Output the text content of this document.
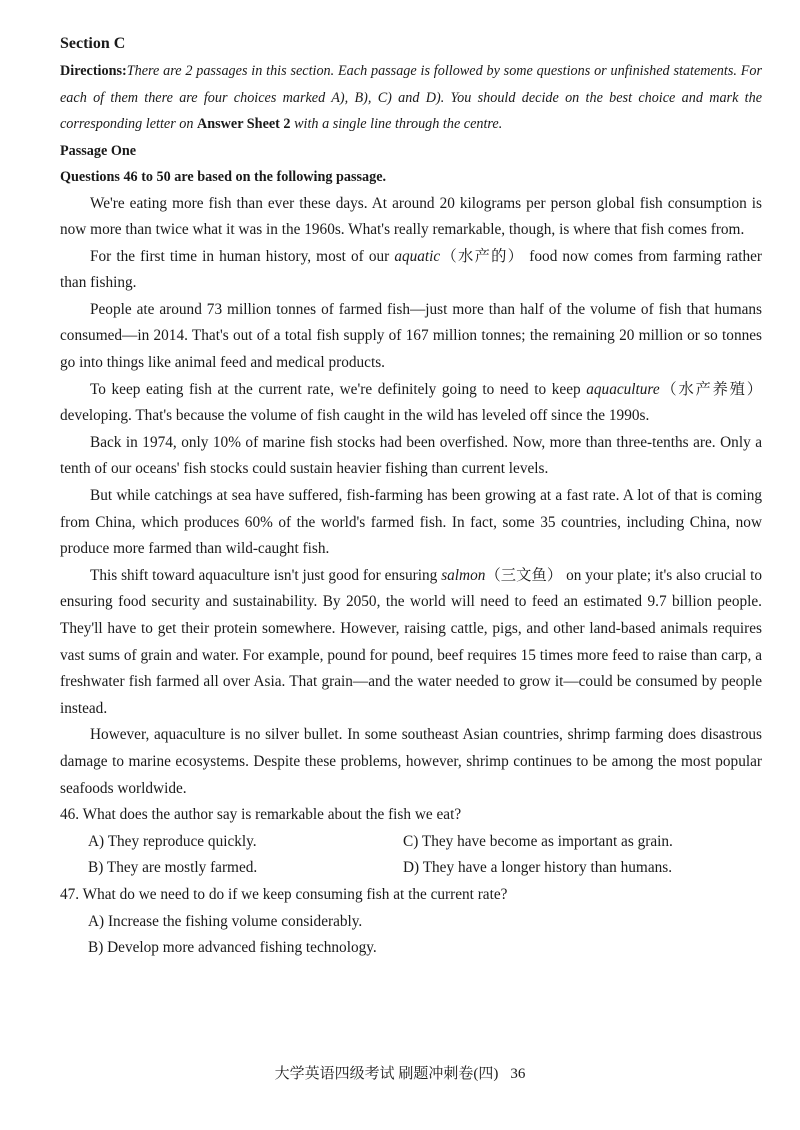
Section C

Directions:There are 2 passages in this section. Each passage is followed by some questions or unfinished statements. For each of them there are four choices marked A), B), C) and D). You should decide on the best choice and mark the corresponding letter on Answer Sheet 2 with a single line through the centre.

Passage One

Questions 46 to 50 are based on the following passage.

We're eating more fish than ever these days. At around 20 kilograms per person global fish consumption is now more than twice what it was in the 1960s. What's really remarkable, though, is where that fish comes from.

For the first time in human history, most of our aquatic（水产的） food now comes from farming rather than fishing.

People ate around 73 million tonnes of farmed fish—just more than half of the volume of fish that humans consumed—in 2014. That's out of a total fish supply of 167 million tonnes; the remaining 20 million or so tonnes go into things like animal feed and medical products.

To keep eating fish at the current rate, we're definitely going to need to keep aquaculture（水产养殖） developing. That's because the volume of fish caught in the wild has leveled off since the 1990s.

Back in 1974, only 10% of marine fish stocks had been overfished. Now, more than three-tenths are. Only a tenth of our oceans' fish stocks could sustain heavier fishing than current levels.

But while catchings at sea have suffered, fish-farming has been growing at a fast rate. A lot of that is coming from China, which produces 60% of the world's farmed fish. In fact, some 35 countries, including China, now produce more farmed than wild-caught fish.

This shift toward aquaculture isn't just good for ensuring salmon（三文鱼） on your plate; it's also crucial to ensuring food security and sustainability. By 2050, the world will need to feed an estimated 9.7 billion people. They'll have to get their protein somewhere. However, raising cattle, pigs, and other land-based animals requires vast sums of grain and water. For example, pound for pound, beef requires 15 times more feed to raise than carp, a freshwater fish farmed all over Asia. That grain—and the water needed to grow it—could be consumed by people instead.

However, aquaculture is no silver bullet. In some southeast Asian countries, shrimp farming does disastrous damage to marine ecosystems. Despite these problems, however, shrimp continues to be among the most popular seafoods worldwide.

46. What does the author say is remarkable about the fish we eat?

A) They reproduce quickly.	C) They have become as important as grain.
B) They are mostly farmed.	D) They have a longer history than humans.

47. What do we need to do if we keep consuming fish at the current rate?

A) Increase the fishing volume considerably.
B) Develop more advanced fishing technology.
大学英语四级考试 刷题冲刺卷(四) 36
